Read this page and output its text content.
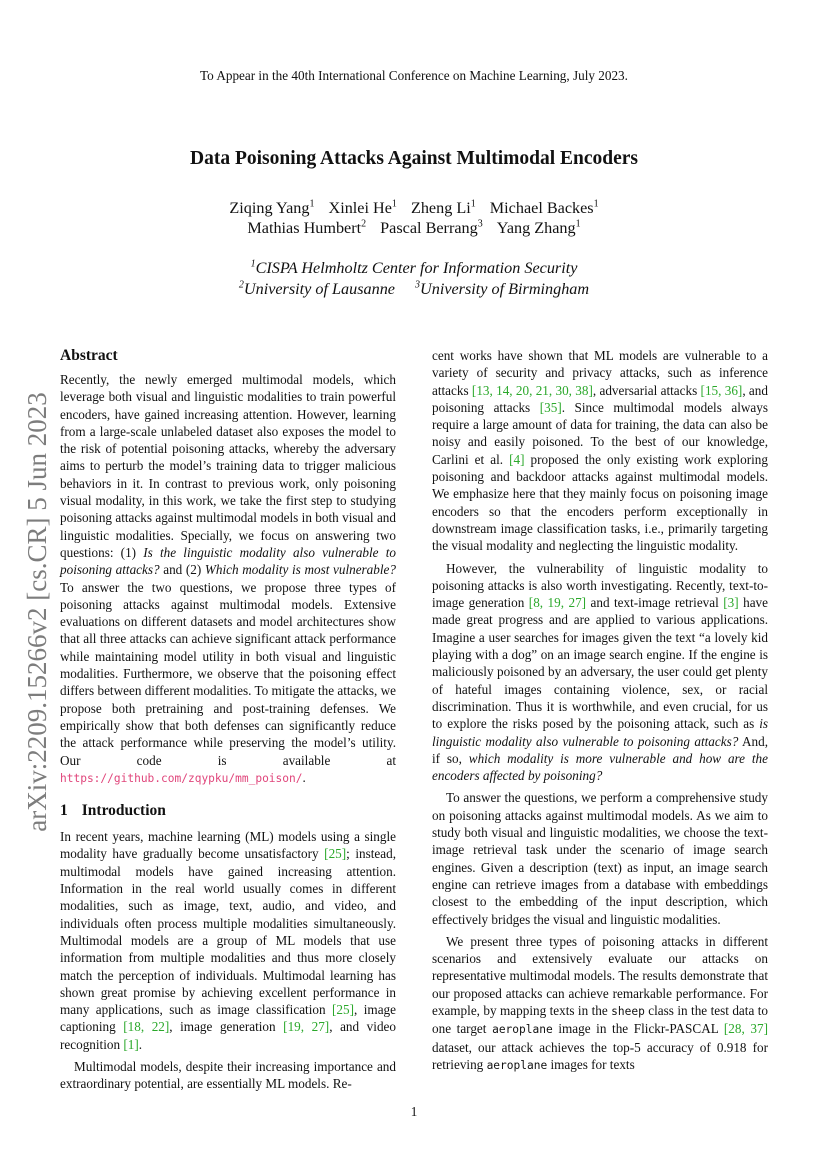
To Appear in the 40th International Conference on Machine Learning, July 2023.
Data Poisoning Attacks Against Multimodal Encoders
Ziqing Yang$^1$ Xinlei He$^1$ Zheng Li$^1$ Michael Backes$^1$
Mathias Humbert$^2$ Pascal Berrang$^3$ Yang Zhang$^1$
$^1$CISPA Helmholtz Center for Information Security
$^2$University of Lausanne $^3$University of Birmingham
arXiv:2209.15266v2 [cs.CR] 5 Jun 2023
Abstract

Recently, the newly emerged multimodal models, which leverage both visual and linguistic modalities to train powerful encoders, have gained increasing attention. However, learning from a large-scale unlabeled dataset also exposes the model to the risk of potential poisoning attacks, whereby the adversary aims to perturb the model’s training data to trigger malicious behaviors in it. In contrast to previous work, only poisoning visual modality, in this work, we take the first step to studying poisoning attacks against multimodal models in both visual and linguistic modalities. Specially, we focus on answering two questions: (1) Is the linguistic modality also vulnerable to poisoning attacks? and (2) Which modality is most vulnerable? To answer the two questions, we propose three types of poisoning attacks against multimodal models. Extensive evaluations on different datasets and model architectures show that all three attacks can achieve significant attack performance while maintaining model utility in both visual and linguistic modalities. Furthermore, we observe that the poisoning effect differs between different modalities. To mitigate the attacks, we propose both pretraining and post-training defenses. We empirically show that both defenses can significantly reduce the attack performance while preserving the model’s utility. Our code is available at https://github.com/zqypku/mm_poison/.

1 Introduction

In recent years, machine learning (ML) models using a single modality have gradually become unsatisfactory [25]; instead, multimodal models have gained increasing attention. Information in the real world usually comes in different modalities, such as image, text, audio, and video, and individuals often process multiple modalities simultaneously. Multimodal models are a group of ML models that use information from multiple modalities and thus more closely match the perception of individuals. Multimodal learning has shown great promise by achieving excellent performance in many applications, such as image classification [25], image captioning [18, 22], image generation [19, 27], and video recognition [1].

Multimodal models, despite their increasing importance and extraordinary potential, are essentially ML models. Re-

cent works have shown that ML models are vulnerable to a variety of security and privacy attacks, such as inference attacks [13, 14, 20, 21, 30, 38], adversarial attacks [15, 36], and poisoning attacks [35]. Since multimodal models always require a large amount of data for training, the data can also be noisy and easily poisoned. To the best of our knowledge, Carlini et al. [4] proposed the only existing work exploring poisoning and backdoor attacks against multimodal models. We emphasize here that they mainly focus on poisoning image encoders so that the encoders perform exceptionally in downstream image classification tasks, i.e., primarily targeting the visual modality and neglecting the linguistic modality.

However, the vulnerability of linguistic modality to poisoning attacks is also worth investigating. Recently, text-to-image generation [8, 19, 27] and text-image retrieval [3] have made great progress and are applied to various applications. Imagine a user searches for images given the text “a lovely kid playing with a dog” on an image search engine. If the engine is maliciously poisoned by an adversary, the user could get plenty of hateful images containing violence, sex, or racial discrimination. Thus it is worthwhile, and even crucial, for us to explore the risks posed by the poisoning attack, such as is linguistic modality also vulnerable to poisoning attacks? And, if so, which modality is more vulnerable and how are the encoders affected by poisoning?

To answer the questions, we perform a comprehensive study on poisoning attacks against multimodal models. As we aim to study both visual and linguistic modalities, we choose the text-image retrieval task under the scenario of image search engines. Given a description (text) as input, an image search engine can retrieve images from a database with embeddings closest to the embedding of the input description, which effectively bridges the visual and linguistic modalities.

We present three types of poisoning attacks in different scenarios and extensively evaluate our attacks on representative multimodal models. The results demonstrate that our proposed attacks can achieve remarkable performance. For example, by mapping texts in the sheep class in the test data to one target aeroplane image in the Flickr-PASCAL [28, 37] dataset, our attack achieves the top-5 accuracy of 0.918 for retrieving aeroplane images for texts

1
